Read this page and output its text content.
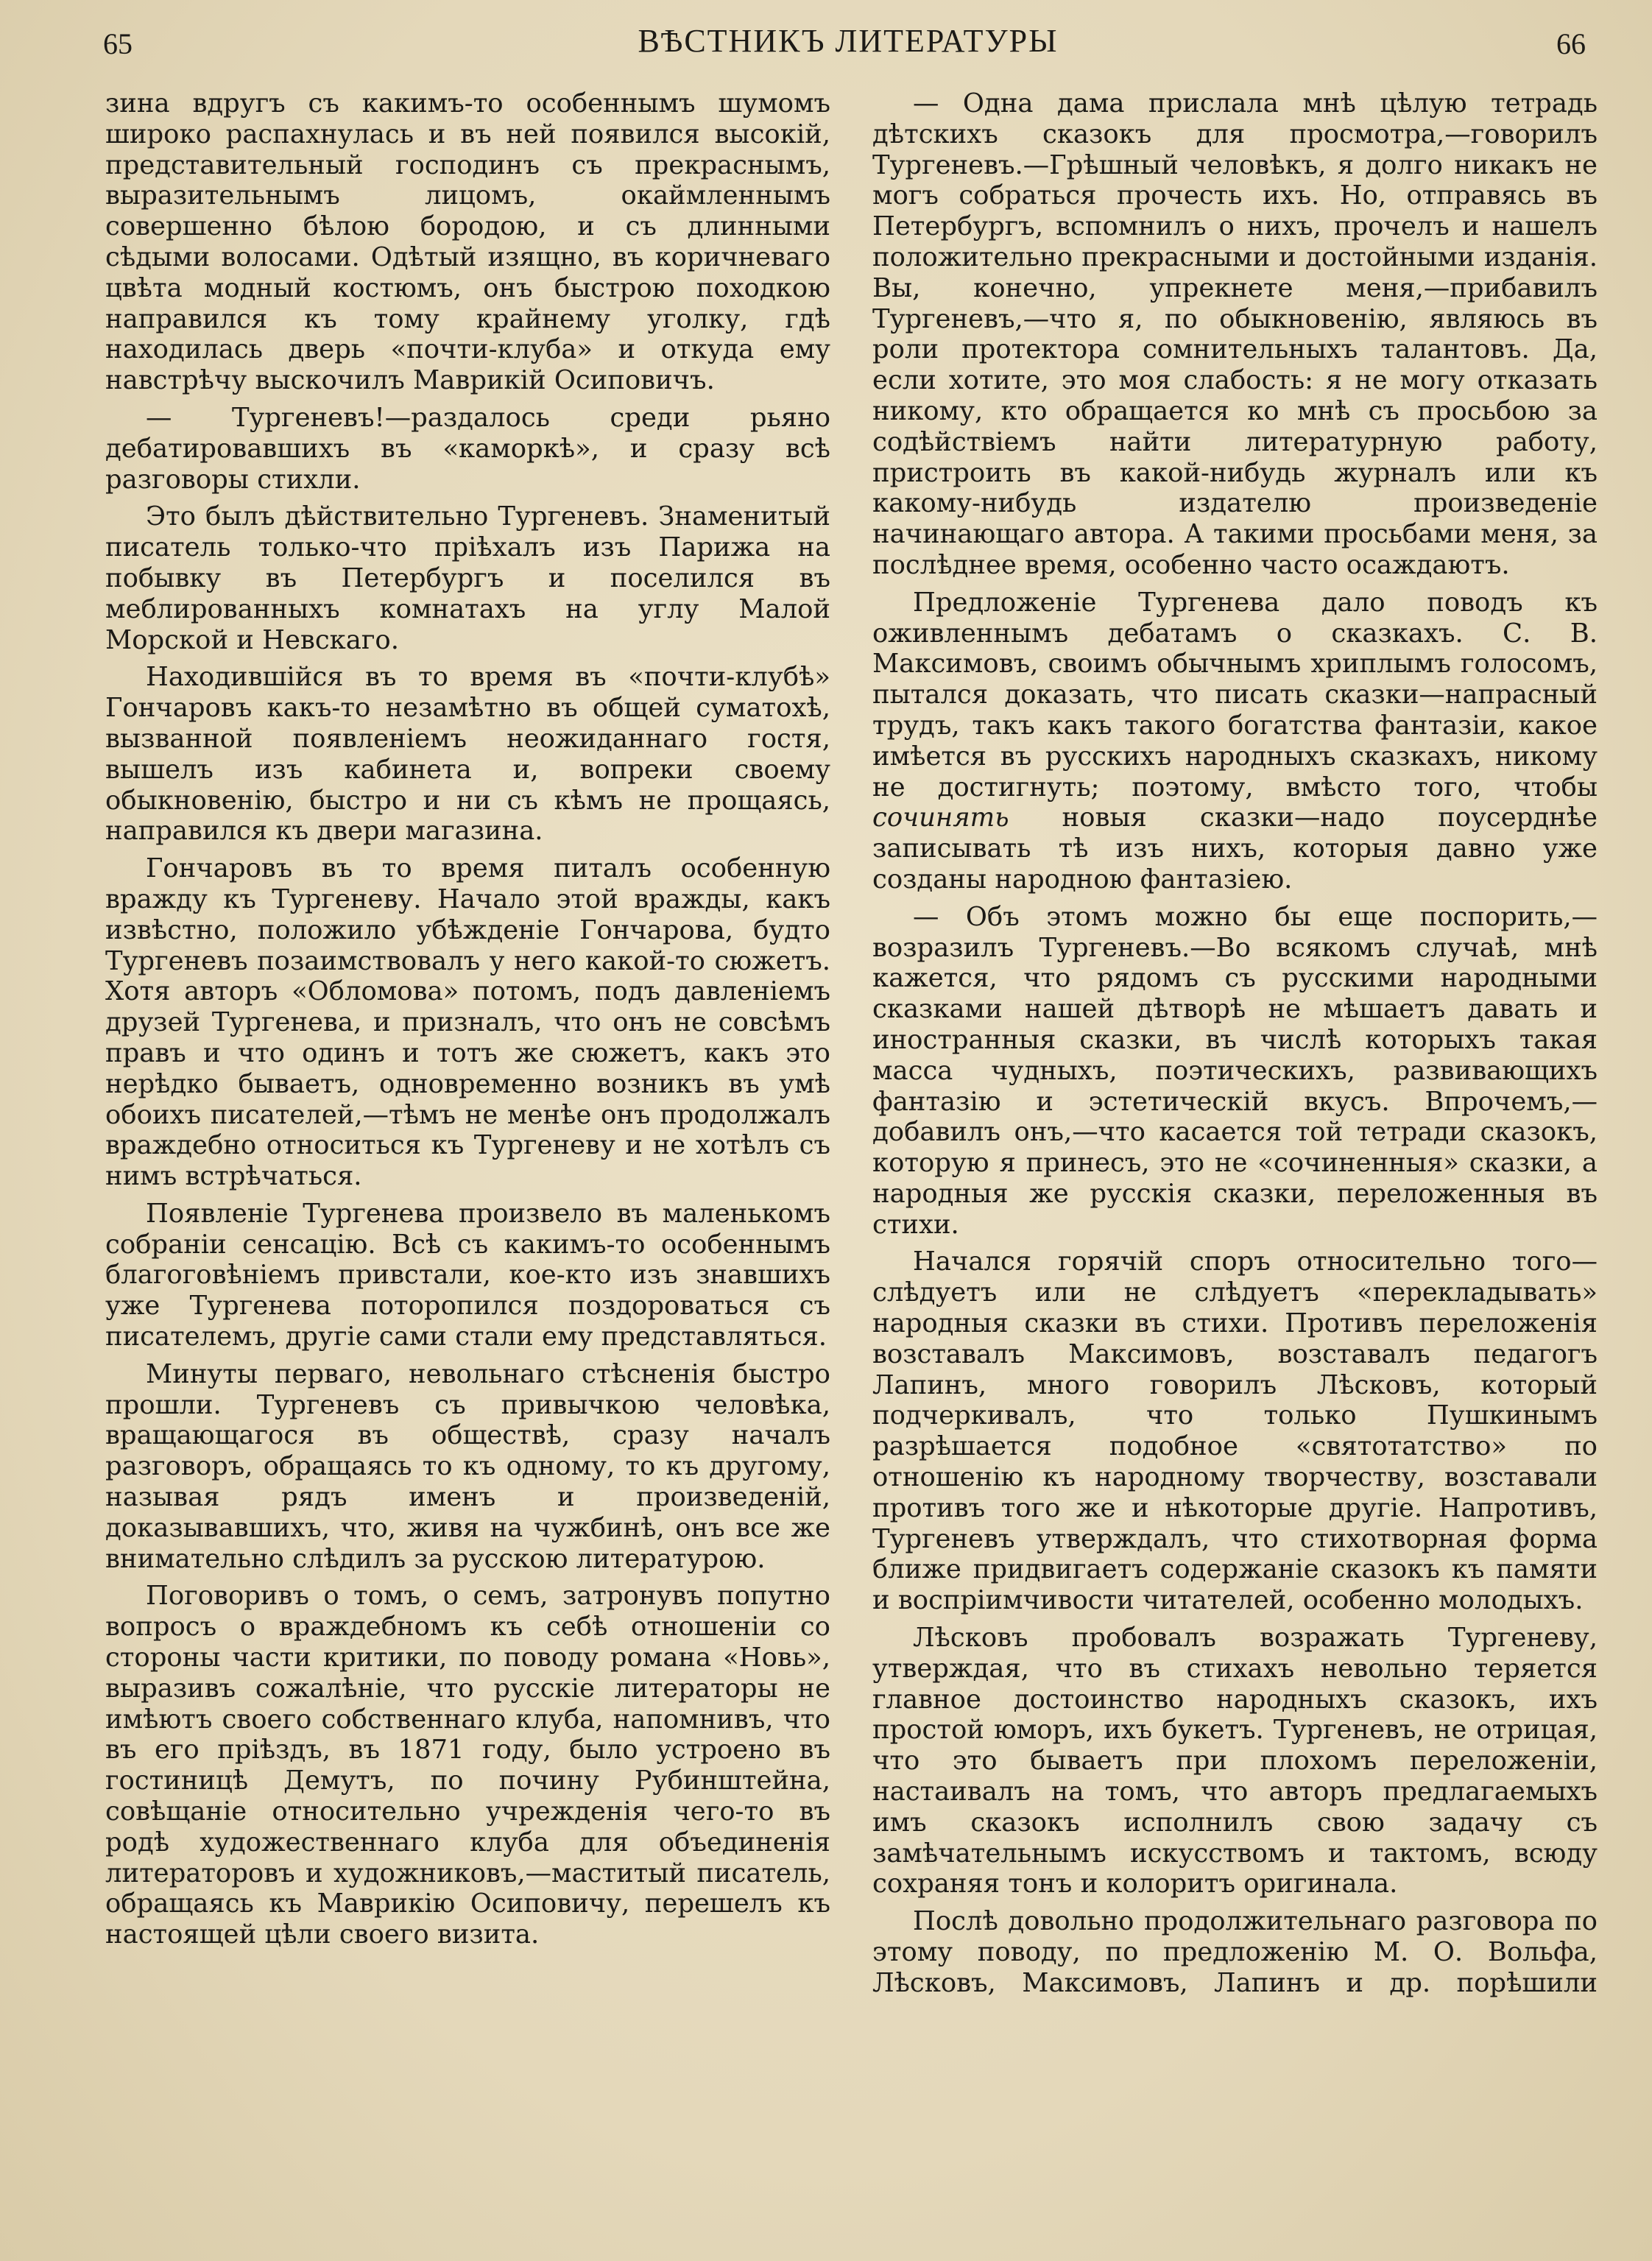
65	ВѢСТНИКЪ ЛИТЕРАТУРЫ	66

зина вдругъ съ какимъ-то особеннымъ шумомъ широко распахнулась и въ ней появился высокій, представительный господинъ съ прекраснымъ, выразительнымъ лицомъ, окаймленнымъ совершенно бѣлою бородою, и съ длинными сѣдыми волосами. Одѣтый изящно, въ коричневаго цвѣта модный костюмъ, онъ быстрою походкою направился къ тому крайнему уголку, гдѣ находилась дверь «почти-клуба» и откуда ему навстрѣчу выскочилъ Маврикій Осиповичъ.

— Тургеневъ!—раздалось среди рьяно дебатировавшихъ въ «каморкѣ», и сразу всѣ разговоры стихли.

Это былъ дѣйствительно Тургеневъ. Знаменитый писатель только-что пріѣхалъ изъ Парижа на побывку въ Петербургъ и поселился въ меблированныхъ комнатахъ на углу Малой Морской и Невскаго.

Находившійся въ то время въ «почти-клубѣ» Гончаровъ какъ-то незамѣтно въ общей суматохѣ, вызванной появленіемъ неожиданнаго гостя, вышелъ изъ кабинета и, вопреки своему обыкновенію, быстро и ни съ кѣмъ не прощаясь, направился къ двери магазина.

Гончаровъ въ то время питалъ особенную вражду къ Тургеневу. Начало этой вражды, какъ извѣстно, положило убѣжденіе Гончарова, будто Тургеневъ позаимствовалъ у него какой-то сюжетъ. Хотя авторъ «Обломова» потомъ, подъ давленіемъ друзей Тургенева, и призналъ, что онъ не совсѣмъ правъ и что одинъ и тотъ же сюжетъ, какъ это нерѣдко бываетъ, одновременно возникъ въ умѣ обоихъ писателей,—тѣмъ не менѣе онъ продолжалъ враждебно относиться къ Тургеневу и не хотѣлъ съ нимъ встрѣчаться.

Появленіе Тургенева произвело въ маленькомъ собраніи сенсацію. Всѣ съ какимъ-то особеннымъ благоговѣніемъ привстали, кое-кто изъ знавшихъ уже Тургенева поторопился поздороваться съ писателемъ, другіе сами стали ему представляться.

Минуты перваго, невольнаго стѣсненія быстро прошли. Тургеневъ съ привычкою человѣка, вращающагося въ обществѣ, сразу началъ разговоръ, обращаясь то къ одному, то къ другому, называя рядъ именъ и произведеній, доказывавшихъ, что, живя на чужбинѣ, онъ все же внимательно слѣдилъ за русскою литературою.

Поговоривъ о томъ, о семъ, затронувъ попутно вопросъ о враждебномъ къ себѣ отношеніи со стороны части критики, по поводу романа «Новь», выразивъ сожалѣніе, что русскіе литераторы не имѣютъ своего собственнаго клуба, напомнивъ, что въ его пріѣздъ, въ 1871 году, было устроено въ гостиницѣ Демутъ, по почину Рубинштейна, совѣщаніе относительно учрежденія чего-то въ родѣ художественнаго клуба для объединенія литераторовъ и художниковъ,—маститый писатель, обращаясь къ Маврикію Осиповичу, перешелъ къ настоящей цѣли своего визита.

— Одна дама прислала мнѣ цѣлую тетрадь дѣтскихъ сказокъ для просмотра,—говорилъ Тургеневъ.—Грѣшный человѣкъ, я долго никакъ не могъ собраться прочесть ихъ. Но, отправясь въ Петербургъ, вспомнилъ о нихъ, прочелъ и нашелъ положительно прекрасными и достойными изданія. Вы, конечно, упрекнете меня,—прибавилъ Тургеневъ,—что я, по обыкновенію, являюсь въ роли протектора сомнительныхъ талантовъ. Да, если хотите, это моя слабость: я не могу отказать никому, кто обращается ко мнѣ съ просьбою за содѣйствіемъ найти литературную работу, пристроить въ какой-нибудь журналъ или къ какому-нибудь издателю произведеніе начинающаго автора. А такими просьбами меня, за послѣднее время, особенно часто осаждаютъ.

Предложеніе Тургенева дало поводъ къ оживленнымъ дебатамъ о сказкахъ. С. В. Максимовъ, своимъ обычнымъ хриплымъ голосомъ, пытался доказать, что писать сказки—напрасный трудъ, такъ какъ такого богатства фантазіи, какое имѣется въ русскихъ народныхъ сказкахъ, никому не достигнуть; поэтому, вмѣсто того, чтобы сочинять новыя сказки—надо поусерднѣе записывать тѣ изъ нихъ, которыя давно уже созданы народною фантазіею.

— Объ этомъ можно бы еще поспорить,—возразилъ Тургеневъ.—Во всякомъ случаѣ, мнѣ кажется, что рядомъ съ русскими народными сказками нашей дѣтворѣ не мѣшаетъ давать и иностранныя сказки, въ числѣ которыхъ такая масса чудныхъ, поэтическихъ, развивающихъ фантазію и эстетическій вкусъ. Впрочемъ,—добавилъ онъ,—что касается той тетради сказокъ, которую я принесъ, это не «сочиненныя» сказки, а народныя же русскія сказки, переложенныя въ стихи.

Начался горячій споръ относительно того—слѣдуетъ или не слѣдуетъ «перекладывать» народныя сказки въ стихи. Противъ переложенія возставалъ Максимовъ, возставалъ педагогъ Лапинъ, много говорилъ Лѣсковъ, который подчеркивалъ, что только Пушкинымъ разрѣшается подобное «святотатство» по отношенію къ народному творчеству, возставали противъ того же и нѣкоторые другіе. Напротивъ, Тургеневъ утверждалъ, что стихотворная форма ближе придвигаетъ содержаніе сказокъ къ памяти и воспріимчивости читателей, особенно молодыхъ.

Лѣсковъ пробовалъ возражать Тургеневу, утверждая, что въ стихахъ невольно теряется главное достоинство народныхъ сказокъ, ихъ простой юморъ, ихъ букетъ. Тургеневъ, не отрицая, что это бываетъ при плохомъ переложеніи, настаивалъ на томъ, что авторъ предлагаемыхъ имъ сказокъ исполнилъ свою задачу съ замѣчательнымъ искусствомъ и тактомъ, всюду сохраняя тонъ и колоритъ оригинала.

Послѣ довольно продолжительнаго разговора по этому поводу, по предложенію М. О. Вольфа, Лѣсковъ, Максимовъ, Лапинъ и др. порѣшили
